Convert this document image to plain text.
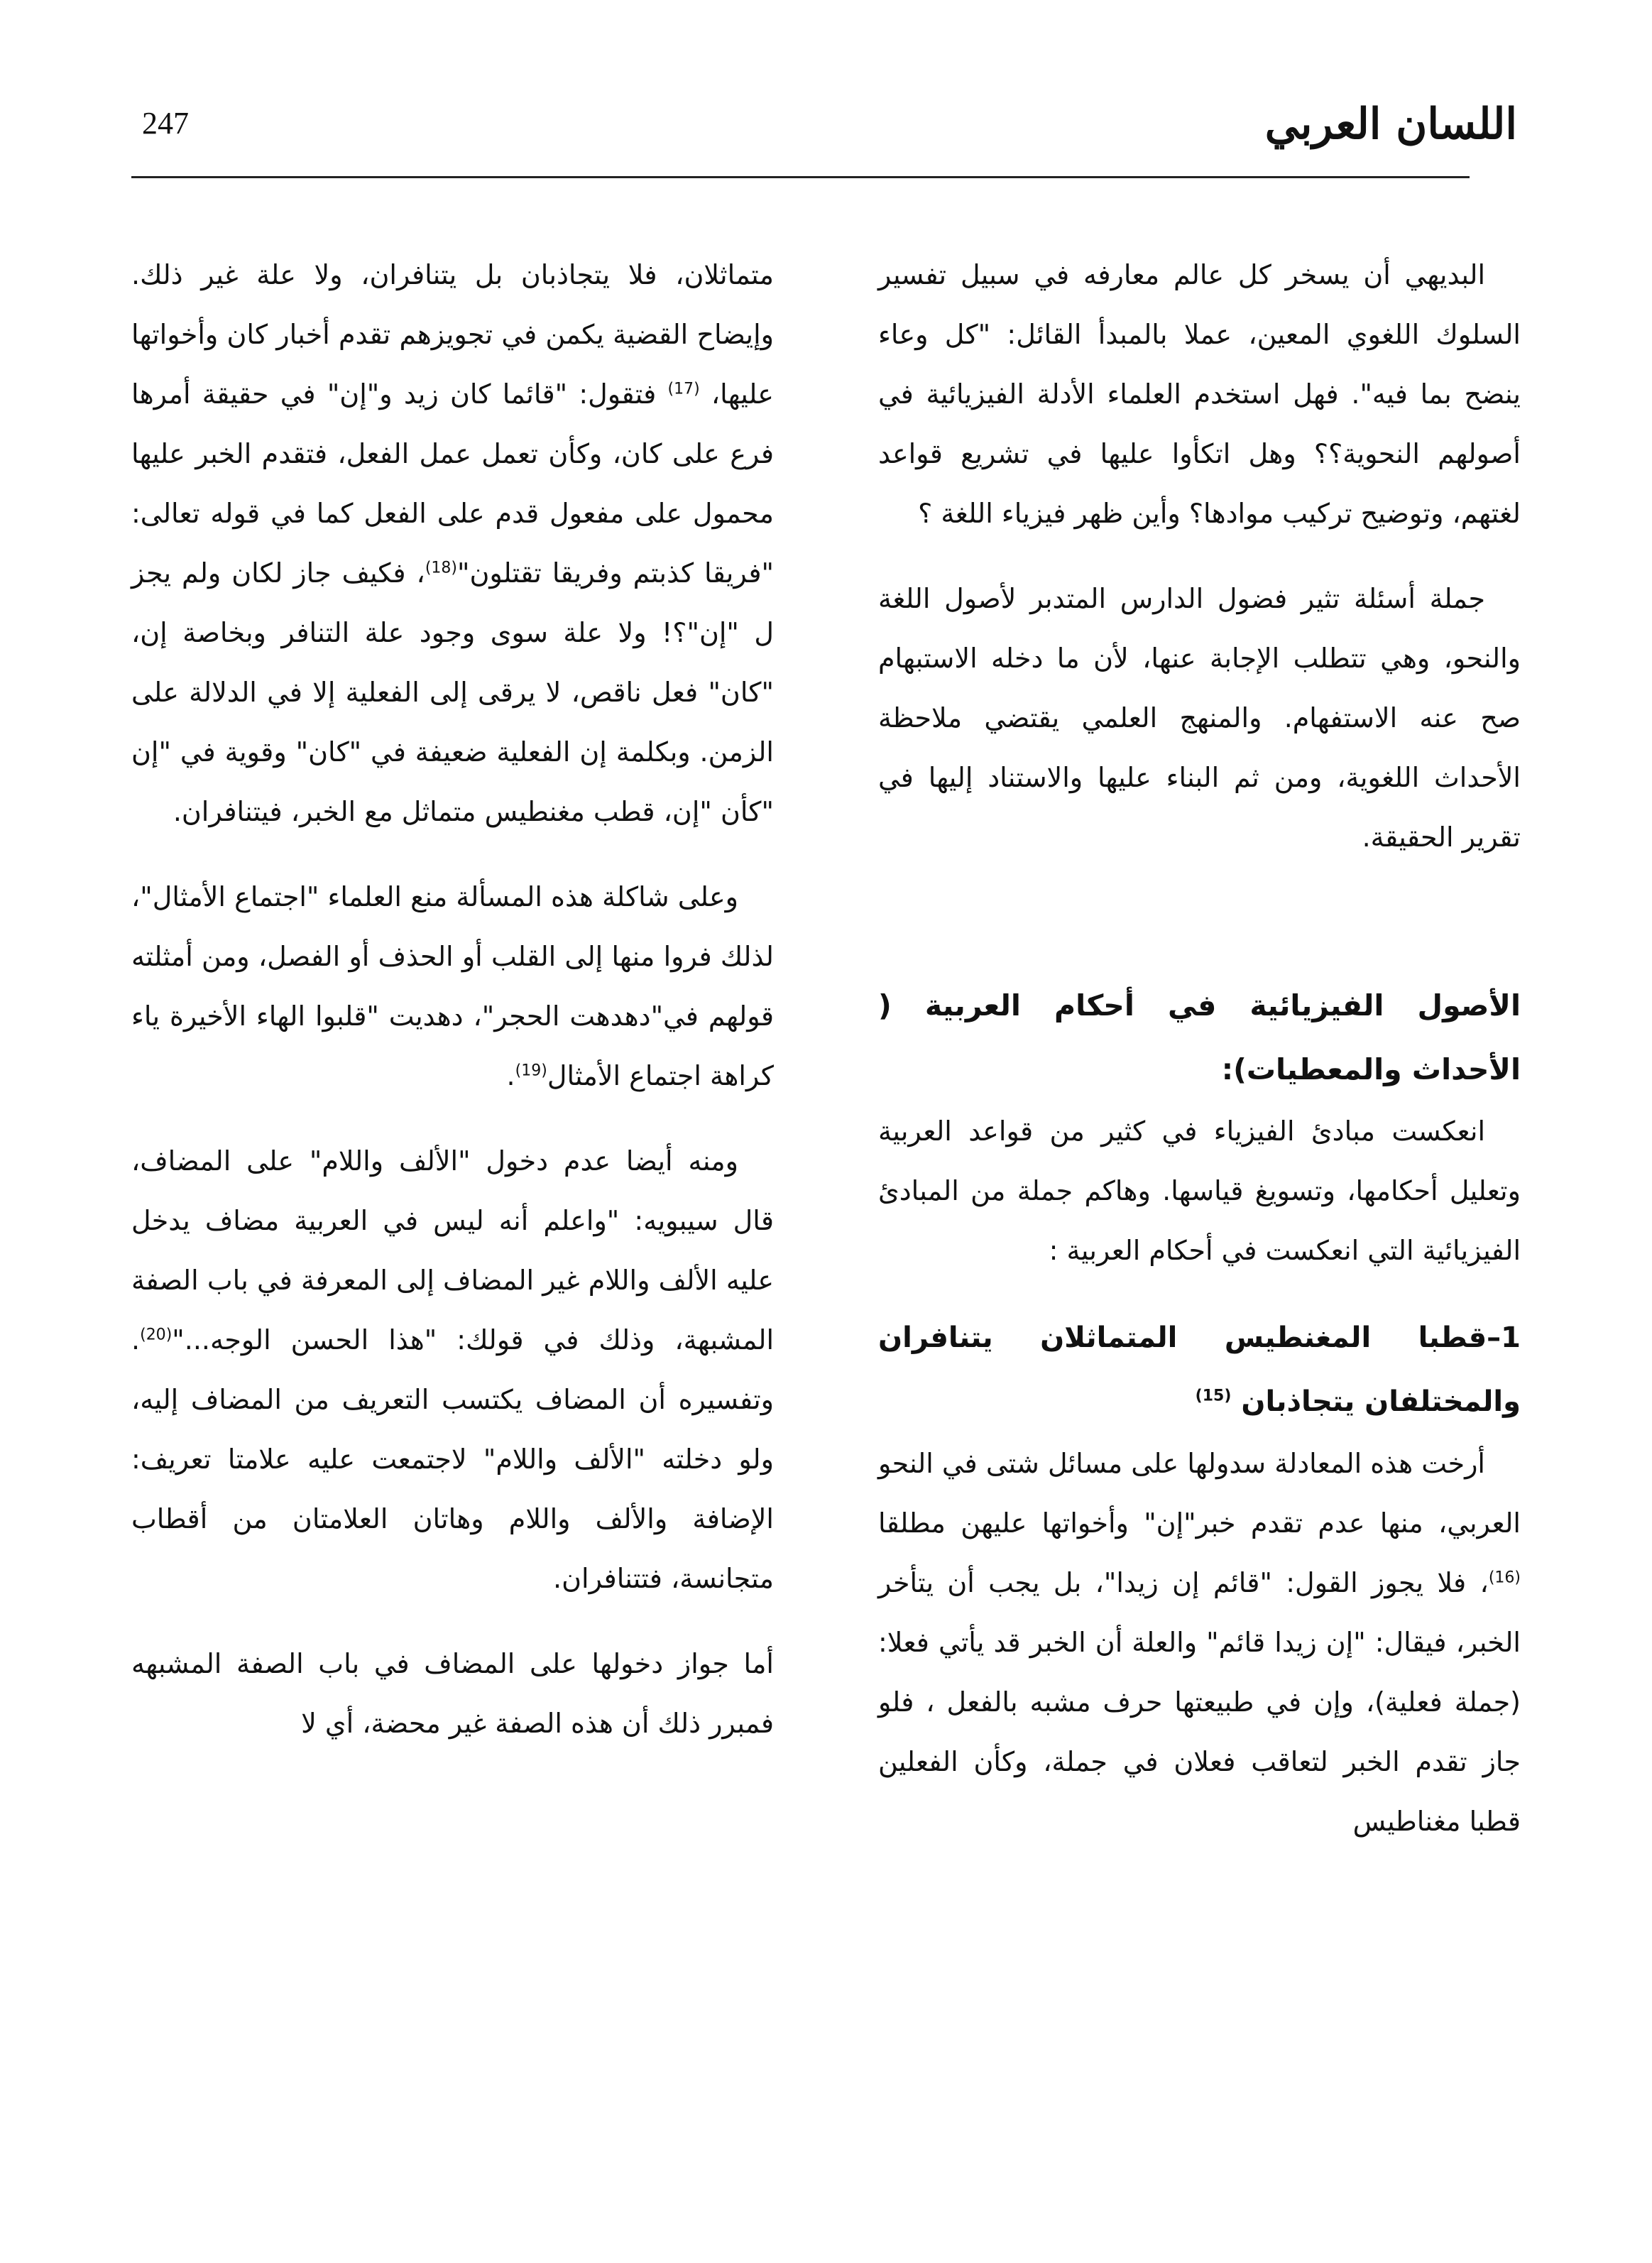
اللسان العربي
247

البديهي أن يسخر كل عالم معارفه في سبيل تفسير السلوك اللغوي المعين، عملا بالمبدأ القائل: "كل وعاء ينضح بما فيه". فهل استخدم العلماء الأدلة الفيزيائية في أصولهم النحوية؟؟ وهل اتكأوا عليها في تشريع قواعد لغتهم، وتوضيح تركيب موادها؟ وأين ظهر فيزياء اللغة ؟

جملة أسئلة تثير فضول الدارس المتدبر لأصول اللغة والنحو، وهي تتطلب الإجابة عنها، لأن ما دخله الاستبهام صح عنه الاستفهام. والمنهج العلمي يقتضي ملاحظة الأحداث اللغوية، ومن ثم البناء عليها والاستناد إليها في تقرير الحقيقة.

الأصول الفيزيائية في أحكام العربية ( الأحداث والمعطيات):

انعكست مبادئ الفيزياء في كثير من قواعد العربية وتعليل أحكامها، وتسويغ قياسها. وهاكم جملة من المبادئ الفيزيائية التي انعكست في أحكام العربية :

1–قطبا المغنطيس المتماثلان يتنافران والمختلفان يتجاذبان $^{(15)}$

أرخت هذه المعادلة سدولها على مسائل شتى في النحو العربي، منها عدم تقدم خبر"إن" وأخواتها عليهن مطلقا $^{(16)}$، فلا يجوز القول: "قائم إن زيدا"، بل يجب أن يتأخر الخبر، فيقال: "إن زيدا قائم" والعلة أن الخبر قد يأتي فعلا: (جملة فعلية)، وإن في طبيعتها حرف مشبه بالفعل ، فلو جاز تقدم الخبر لتعاقب فعلان في جملة، وكأن الفعلين قطبا مغناطيس

متماثلان، فلا يتجاذبان بل يتنافران، ولا علة غير ذلك. وإيضاح القضية يكمن في تجويزهم تقدم أخبار كان وأخواتها عليها، $^{(17)}$ فتقول: "قائما كان زيد و"إن" في حقيقة أمرها فرع على كان، وكأن تعمل عمل الفعل، فتقدم الخبر عليها محمول على مفعول قدم على الفعل كما في قوله تعالى: "فريقا كذبتم وفريقا تقتلون"$^{(18)}$، فكيف جاز لكان ولم يجز ل "إن"؟! ولا علة سوى وجود علة التنافر وبخاصة إن، "كان" فعل ناقص، لا يرقى إلى الفعلية إلا في الدلالة على الزمن. وبكلمة إن الفعلية ضعيفة في "كان" وقوية في "إن "كأن "إن، قطب مغنطيس متماثل مع الخبر، فيتنافران.

وعلى شاكلة هذه المسألة منع العلماء "اجتماع الأمثال"، لذلك فروا منها إلى القلب أو الحذف أو الفصل، ومن أمثلته قولهم في"دهدهت الحجر"، دهديت "قلبوا الهاء الأخيرة ياء كراهة اجتماع الأمثال$^{(19)}$.

ومنه أيضا عدم دخول "الألف واللام" على المضاف، قال سيبويه: "واعلم أنه ليس في العربية مضاف يدخل عليه الألف واللام غير المضاف إلى المعرفة في باب الصفة المشبهة، وذلك في قولك: "هذا الحسن الوجه..."$^{(20)}$. وتفسيره أن المضاف يكتسب التعريف من المضاف إليه، ولو دخلته "الألف واللام" لاجتمعت عليه علامتا تعريف: الإضافة والألف واللام وهاتان العلامتان من أقطاب متجانسة، فتتنافران.

أما جواز دخولها على المضاف في باب الصفة المشبهه فمبرر ذلك أن هذه الصفة غير محضة، أي لا
